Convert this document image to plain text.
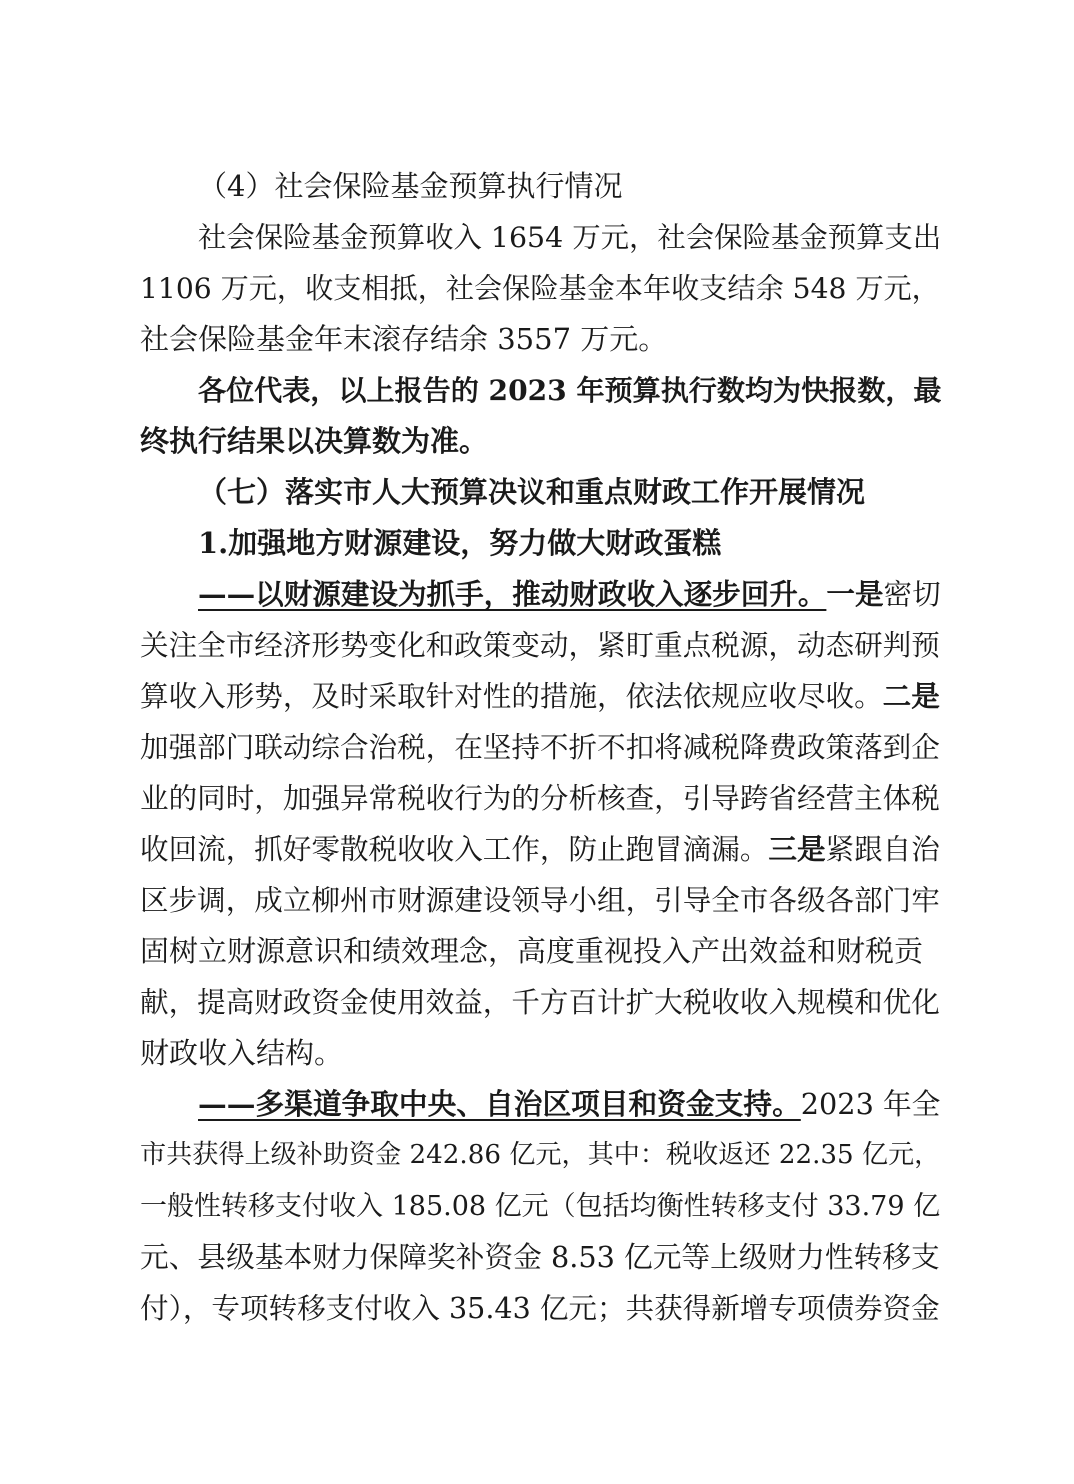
（4）社会保险基金预算执行情况
社会保险基金预算收入 1654 万元，社会保险基金预算支出
1106 万元，收支相抵，社会保险基金本年收支结余 548 万元，
社会保险基金年末滚存结余 3557 万元。
各位代表，以上报告的 2023 年预算执行数均为快报数，最
终执行结果以决算数为准。
（七）落实市人大预算决议和重点财政工作开展情况
1.加强地方财源建设，努力做大财政蛋糕
——以财源建设为抓手，推动财政收入逐步回升。一是密切
关注全市经济形势变化和政策变动，紧盯重点税源，动态研判预
算收入形势，及时采取针对性的措施，依法依规应收尽收。二是
加强部门联动综合治税，在坚持不折不扣将减税降费政策落到企
业的同时，加强异常税收行为的分析核查，引导跨省经营主体税
收回流，抓好零散税收收入工作，防止跑冒滴漏。三是紧跟自治
区步调，成立柳州市财源建设领导小组，引导全市各级各部门牢
固树立财源意识和绩效理念，高度重视投入产出效益和财税贡
献，提高财政资金使用效益，千方百计扩大税收收入规模和优化
财政收入结构。
——多渠道争取中央、自治区项目和资金支持。2023 年全
市共获得上级补助资金 242.86 亿元，其中：税收返还 22.35 亿元，
一般性转移支付收入 185.08 亿元（包括均衡性转移支付 33.79 亿
元、县级基本财力保障奖补资金 8.53 亿元等上级财力性转移支
付），专项转移支付收入 35.43 亿元；共获得新增专项债券资金
